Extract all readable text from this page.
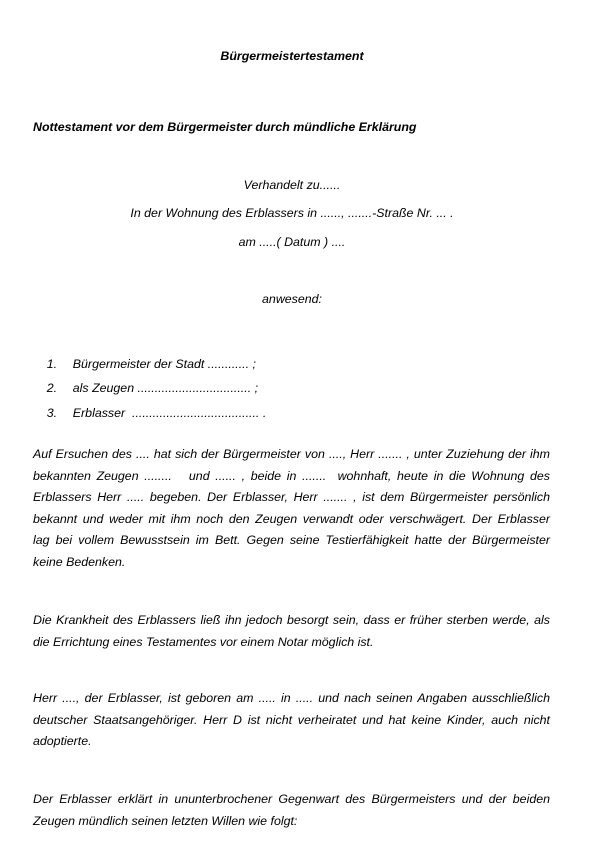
Bürgermeistertestament
Nottestament vor dem Bürgermeister durch mündliche Erklärung
Verhandelt zu......
In der Wohnung des Erblassers in ......, .......-Straße Nr. ... .
am .....( Datum ) ....
anwesend:

1. Bürgermeister der Stadt ............ ;

2. als Zeugen ................................. ;

3. Erblasser  ..................................... .

Auf Ersuchen des .... hat sich der Bürgermeister von ...., Herr ....... , unter Zuziehung der ihm
bekannten Zeugen ........   und ...... , beide in .......  wohnhaft, heute in die Wohnung des
Erblassers Herr ..... begeben. Der Erblasser, Herr ....... , ist dem Bürgermeister persönlich
bekannt und weder mit ihm noch den Zeugen verwandt oder verschwägert. Der Erblasser
lag bei vollem Bewusstsein im Bett. Gegen seine Testierfähigkeit hatte der Bürgermeister
keine Bedenken.
Die Krankheit des Erblassers ließ ihn jedoch besorgt sein, dass er früher sterben werde, als
die Errichtung eines Testamentes vor einem Notar möglich ist.
Herr ...., der Erblasser, ist geboren am ..... in ..... und nach seinen Angaben ausschließlich
deutscher Staatsangehöriger. Herr D ist nicht verheiratet und hat keine Kinder, auch nicht
adoptierte.
Der Erblasser erklärt in ununterbrochener Gegenwart des Bürgermeisters und der beiden
Zeugen mündlich seinen letzten Willen wie folgt:
